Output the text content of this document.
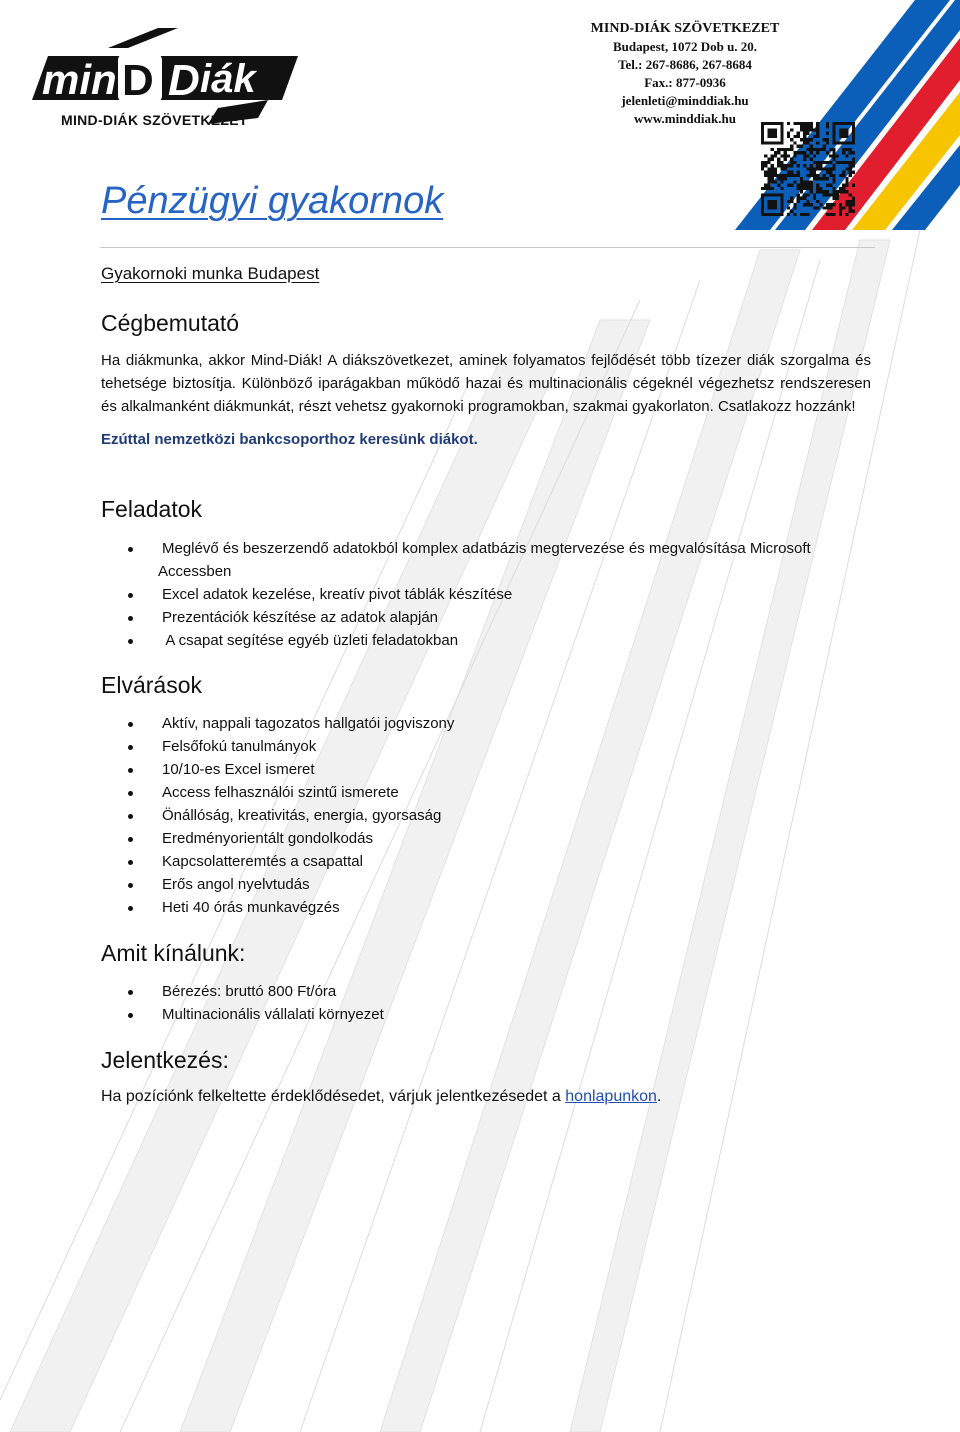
min D D iák
MIND-DIÁK SZÖVETKEZET
MIND-DIÁK SZÖVETKEZET
Budapest, 1072 Dob u. 20.
Tel.: 267-8686, 267-8684
Fax.: 877-0936
jelenleti@minddiak.hu
www.minddiak.hu
Pénzügyi gyakornok
Gyakornoki munka Budapest
Cégbemutató
Ha diákmunka, akkor Mind-Diák! A diákszövetkezet, aminek folyamatos fejlődését több tízezer diák szorgalma és tehetsége biztosítja. Különböző iparágakban működő hazai és multinacionális cégeknél végezhetsz rendszeresen és alkalmanként diákmunkát, részt vehetsz gyakornoki programokban, szakmai gyakorlaton. Csatlakozz hozzánk!
Ezúttal nemzetközi bankcsoporthoz keresünk diákot.
Feladatok
Meglévő és beszerzendő adatokból komplex adatbázis megtervezése és megvalósítása Microsoft
Accessben
Excel adatok kezelése, kreatív pivot táblák készítése
Prezentációk készítése az adatok alapján
A csapat segítése egyéb üzleti feladatokban
Elvárások
Aktív, nappali tagozatos hallgatói jogviszony
Felsőfokú tanulmányok
10/10-es Excel ismeret
Access felhasználói szintű ismerete
Önállóság, kreativitás, energia, gyorsaság
Eredményorientált gondolkodás
Kapcsolatteremtés a csapattal
Erős angol nyelvtudás
Heti 40 órás munkavégzés
Amit kínálunk:
Bérezés: bruttó 800 Ft/óra
Multinacionális vállalati környezet
Jelentkezés:
Ha pozíciónk felkeltette érdeklődésedet, várjuk jelentkezésedet a honlapunkon.
